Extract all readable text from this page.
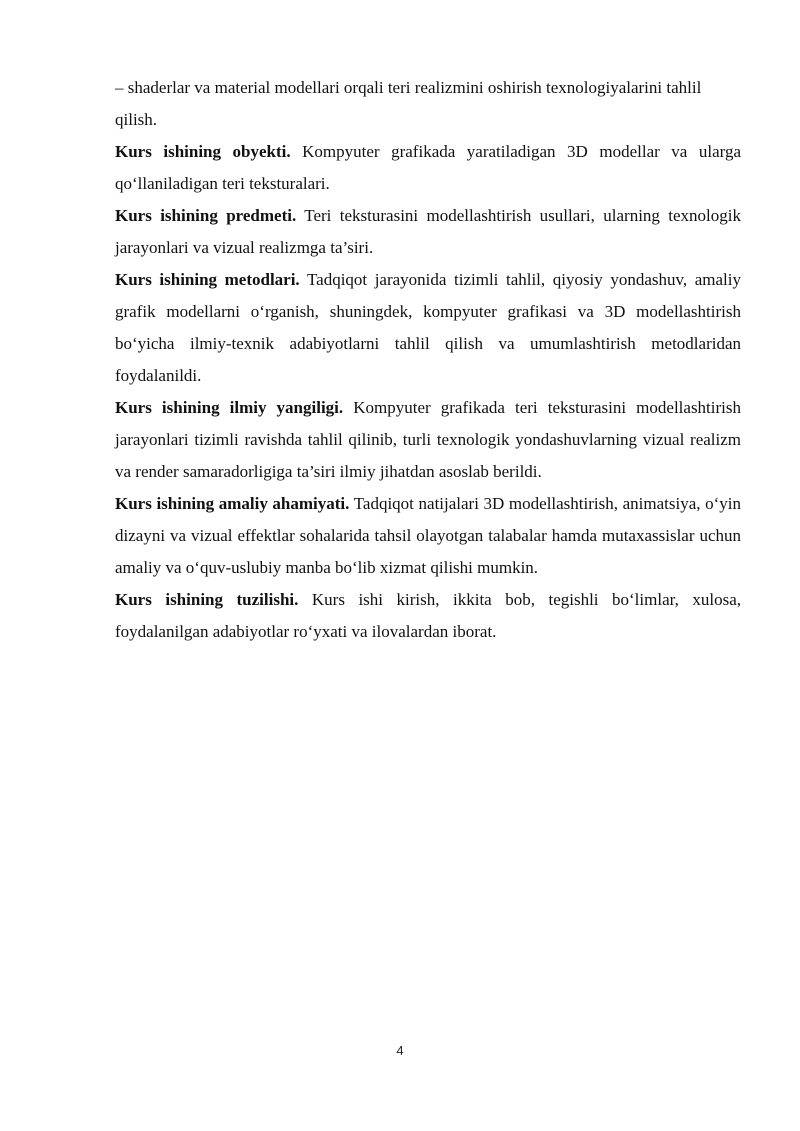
– shaderlar va material modellari orqali teri realizmini oshirish texnologiyalarini tahlil qilish.

Kurs ishining obyekti. Kompyuter grafikada yaratiladigan 3D modellar va ularga qo‘llaniladigan teri teksturalari.

Kurs ishining predmeti. Teri teksturasini modellashtirish usullari, ularning texnologik jarayonlari va vizual realizmga ta’siri.

Kurs ishining metodlari. Tadqiqot jarayonida tizimli tahlil, qiyosiy yondashuv, amaliy grafik modellarni o‘rganish, shuningdek, kompyuter grafikasi va 3D modellashtirish bo‘yicha ilmiy-texnik adabiyotlarni tahlil qilish va umumlashtirish metodlaridan foydalanildi.

Kurs ishining ilmiy yangiligi. Kompyuter grafikada teri teksturasini modellashtirish jarayonlari tizimli ravishda tahlil qilinib, turli texnologik yondashuvlarning vizual realizm va render samaradorligiga ta’siri ilmiy jihatdan asoslab berildi.

Kurs ishining amaliy ahamiyati. Tadqiqot natijalari 3D modellashtirish, animatsiya, o‘yin dizayni va vizual effektlar sohalarida tahsil olayotgan talabalar hamda mutaxassislar uchun amaliy va o‘quv-uslubiy manba bo‘lib xizmat qilishi mumkin.

Kurs ishining tuzilishi. Kurs ishi kirish, ikkita bob, tegishli bo‘limlar, xulosa, foydalanilgan adabiyotlar ro‘yxati va ilovalardan iborat.

4
